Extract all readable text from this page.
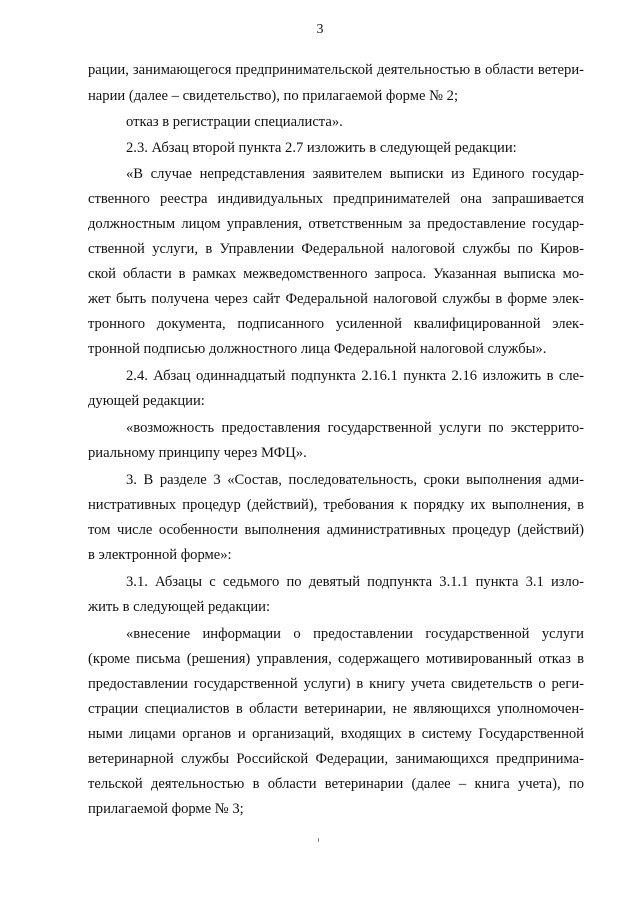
3
рации, занимающегося предпринимательской деятельностью в области ветери-
нарии (далее – свидетельство), по прилагаемой форме № 2;
отказ в регистрации специалиста».
2.3. Абзац второй пункта 2.7 изложить в следующей редакции:
«В случае непредставления заявителем выписки из Единого государ-
ственного реестра индивидуальных предпринимателей она запрашивается
должностным лицом управления, ответственным за предоставление государ-
ственной услуги, в Управлении Федеральной налоговой службы по Киров-
ской области в рамках межведомственного запроса. Указанная выписка мо-
жет быть получена через сайт Федеральной налоговой службы в форме элек-
тронного документа, подписанного усиленной квалифицированной элек-
тронной подписью должностного лица Федеральной налоговой службы».
2.4. Абзац одиннадцатый подпункта 2.16.1 пункта 2.16 изложить в сле-
дующей редакции:
«возможность предоставления государственной услуги по экстеррито-
риальному принципу через МФЦ».
3. В разделе 3 «Состав, последовательность, сроки выполнения адми-
нистративных процедур (действий), требования к порядку их выполнения, в
том числе особенности выполнения административных процедур (действий)
в электронной форме»:
3.1. Абзацы с седьмого по девятый подпункта 3.1.1 пункта 3.1 изло-
жить в следующей редакции:
«внесение информации о предоставлении государственной услуги
(кроме письма (решения) управления, содержащего мотивированный отказ в
предоставлении государственной услуги) в книгу учета свидетельств о реги-
страции специалистов в области ветеринарии, не являющихся уполномочен-
ными лицами органов и организаций, входящих в систему Государственной
ветеринарной службы Российской Федерации, занимающихся предпринима-
тельской деятельностью в области ветеринарии (далее – книга учета), по
прилагаемой форме № 3;
